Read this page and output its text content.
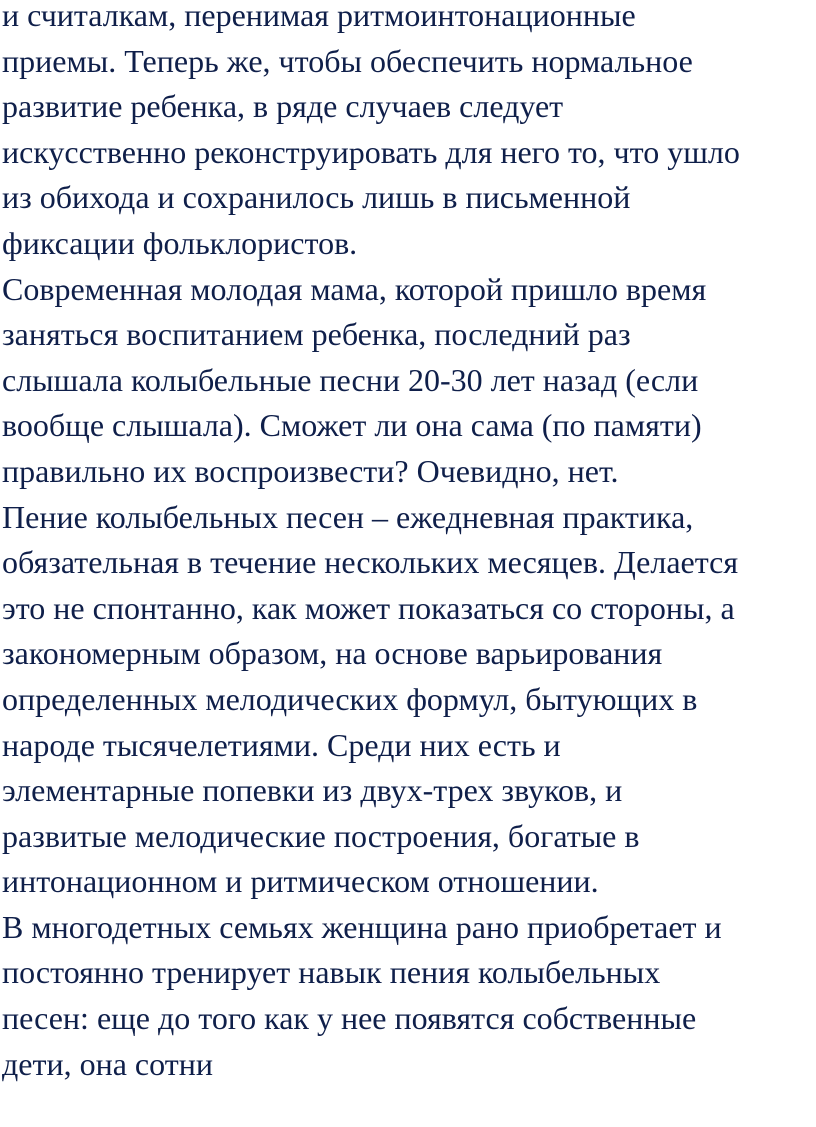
и считалкам, перенимая ритмоинтонационные
приемы. Теперь же, чтобы обеспечить нормальное
развитие ребенка, в ряде случаев следует
искусственно реконструировать для него то, что ушло
из обихода и сохранилось лишь в письменной
фиксации фольклористов.
Современная молодая мама, которой пришло время
заняться воспитанием ребенка, последний раз
слышала колыбельные песни 20-30 лет назад (если
вообще слышала). Сможет ли она сама (по памяти)
правильно их воспроизвести? Очевидно, нет.
Пение колыбельных песен – ежедневная практика,
обязательная в течение нескольких месяцев. Делается
это не спонтанно, как может показаться со стороны, а
закономерным образом, на основе варьирования
определенных мелодических формул, бытующих в
народе тысячелетиями. Среди них есть и
элементарные попевки из двух-трех звуков, и
развитые мелодические построения, богатые в
интонационном и ритмическом отношении.
В многодетных семьях женщина рано приобретает и
постоянно тренирует навык пения колыбельных
песен: еще до того как у нее появятся собственные
дети, она сотни
